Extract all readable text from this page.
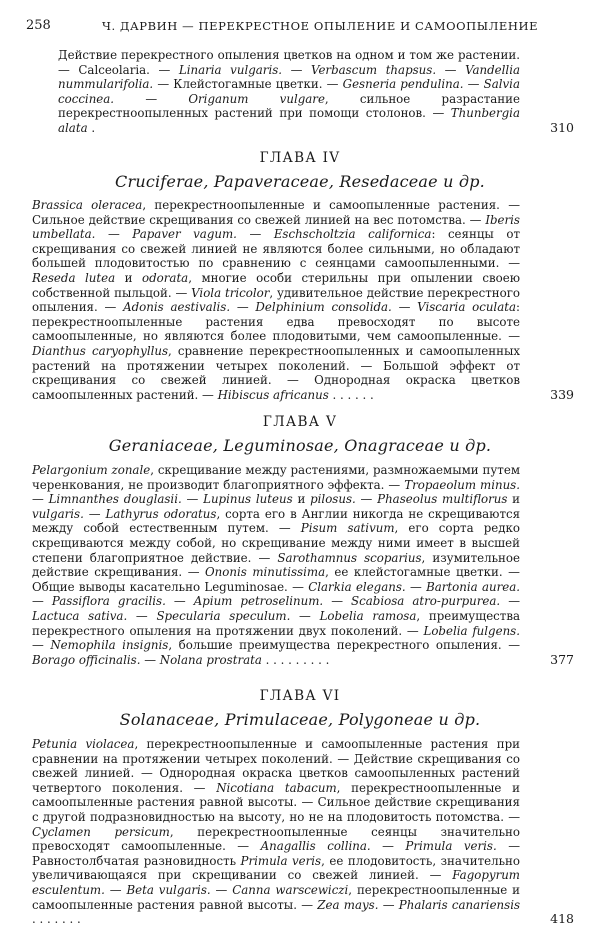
258	Ч. ДАРВИН — ПЕРЕКРЕСТНОЕ ОПЫЛЕНИЕ И САМООПЫЛЕНИЕ
Действие перекрестного опыления цветков на одном и том же растении. — Calceolaria. — Linaria vulgaris. — Verbascum thapsus. — Vandellia nummularifolia. — Клейстогамные цветки. — Gesneria pendulina. — Salvia coccinea. — Origanum vulgare, сильное разрастание перекрестноопыленных растений при помощи столонов. — Thunbergia alata .	310
ГЛАВА IV
Cruciferae, Papaveraceae, Resedaceae и др.
Brassica oleracea, перекрестноопыленные и самоопыленные растения. — Сильное действие скрещивания со свежей линией на вес потомства. — Iberis umbellata. — Papaver vagum. — Eschscholtzia californica: сеянцы от скрещивания со свежей линией не являются более сильными, но обладают большей плодовитостью по сравнению с сеянцами самоопыленными. — Reseda lutea и odorata, многие особи стерильны при опылении своею собственной пыльцой. — Viola tricolor, удивительное действие перекрестного опыления. — Adonis aestivalis. — Delphinium consolida. — Viscaria oculata: перекрестноопыленные растения едва превосходят по высоте самоопыленные, но являются более плодовитыми, чем самоопыленные. — Dianthus caryophyllus, сравнение перекрестноопыленных и самоопыленных растений на протяжении четырех поколений. — Большой эффект от скрещивания со свежей линией. — Однородная окраска цветков самоопыленных растений. — Hibiscus africanus . . . . . .	339
ГЛАВА V
Geraniaceae, Leguminosae, Onagraceae и др.
Pelargonium zonale, скрещивание между растениями, размножаемыми путем черенкования, не производит благоприятного эффекта. — Tropaeolum minus. — Limnanthes douglasii. — Lupinus luteus и pilosus. — Phaseolus multiflorus и vulgaris. — Lathyrus odoratus, сорта его в Англии никогда не скрещиваются между собой естественным путем. — Pisum sativum, его сорта редко скрещиваются между собой, но скрещивание между ними имеет в высшей степени благоприятное действие. — Sarothamnus scoparius, изумительное действие скрещивания. — Ononis minutissima, ее клейстогамные цветки. — Общие выводы касательно Leguminosae. — Clarkia elegans. — Bartonia aurea. — Passiflora gracilis. — Apium petroselinum. — Scabiosa atro-purpurea. — Lactuca sativa. — Specularia speculum. — Lobelia ramosa, преимущества перекрестного опыления на протяжении двух поколений. — Lobelia fulgens. — Nemophila insignis, большие преимущества перекрестного опыления. — Borago officinalis. — Nolana prostrata . . . . . . . . .	377
ГЛАВА VI
Solanaceae, Primulaceae, Polygoneae и др.
Petunia violacea, перекрестноопыленные и самоопыленные растения при сравнении на протяжении четырех поколений. — Действие скрещивания со свежей линией. — Однородная окраска цветков самоопыленных растений четвертого поколения. — Nicotiana tabacum, перекрестноопыленные и самоопыленные растения равной высоты. — Сильное действие скрещивания с другой подразновидностью на высоту, но не на плодовитость потомства. — Cyclamen persicum, перекрестноопыленные сеянцы значительно превосходят самоопыленные. — Anagallis collina. — Primula veris. — Равностолбчатая разновидность Primula veris, ее плодовитость, значительно увеличивающаяся при скрещивании со свежей линией. — Fagopyrum esculentum. — Beta vulgaris. — Canna warscewiczi, перекрестноопыленные и самоопыленные растения равной высоты. — Zea mays. — Phalaris canariensis . . . . . . .	418
